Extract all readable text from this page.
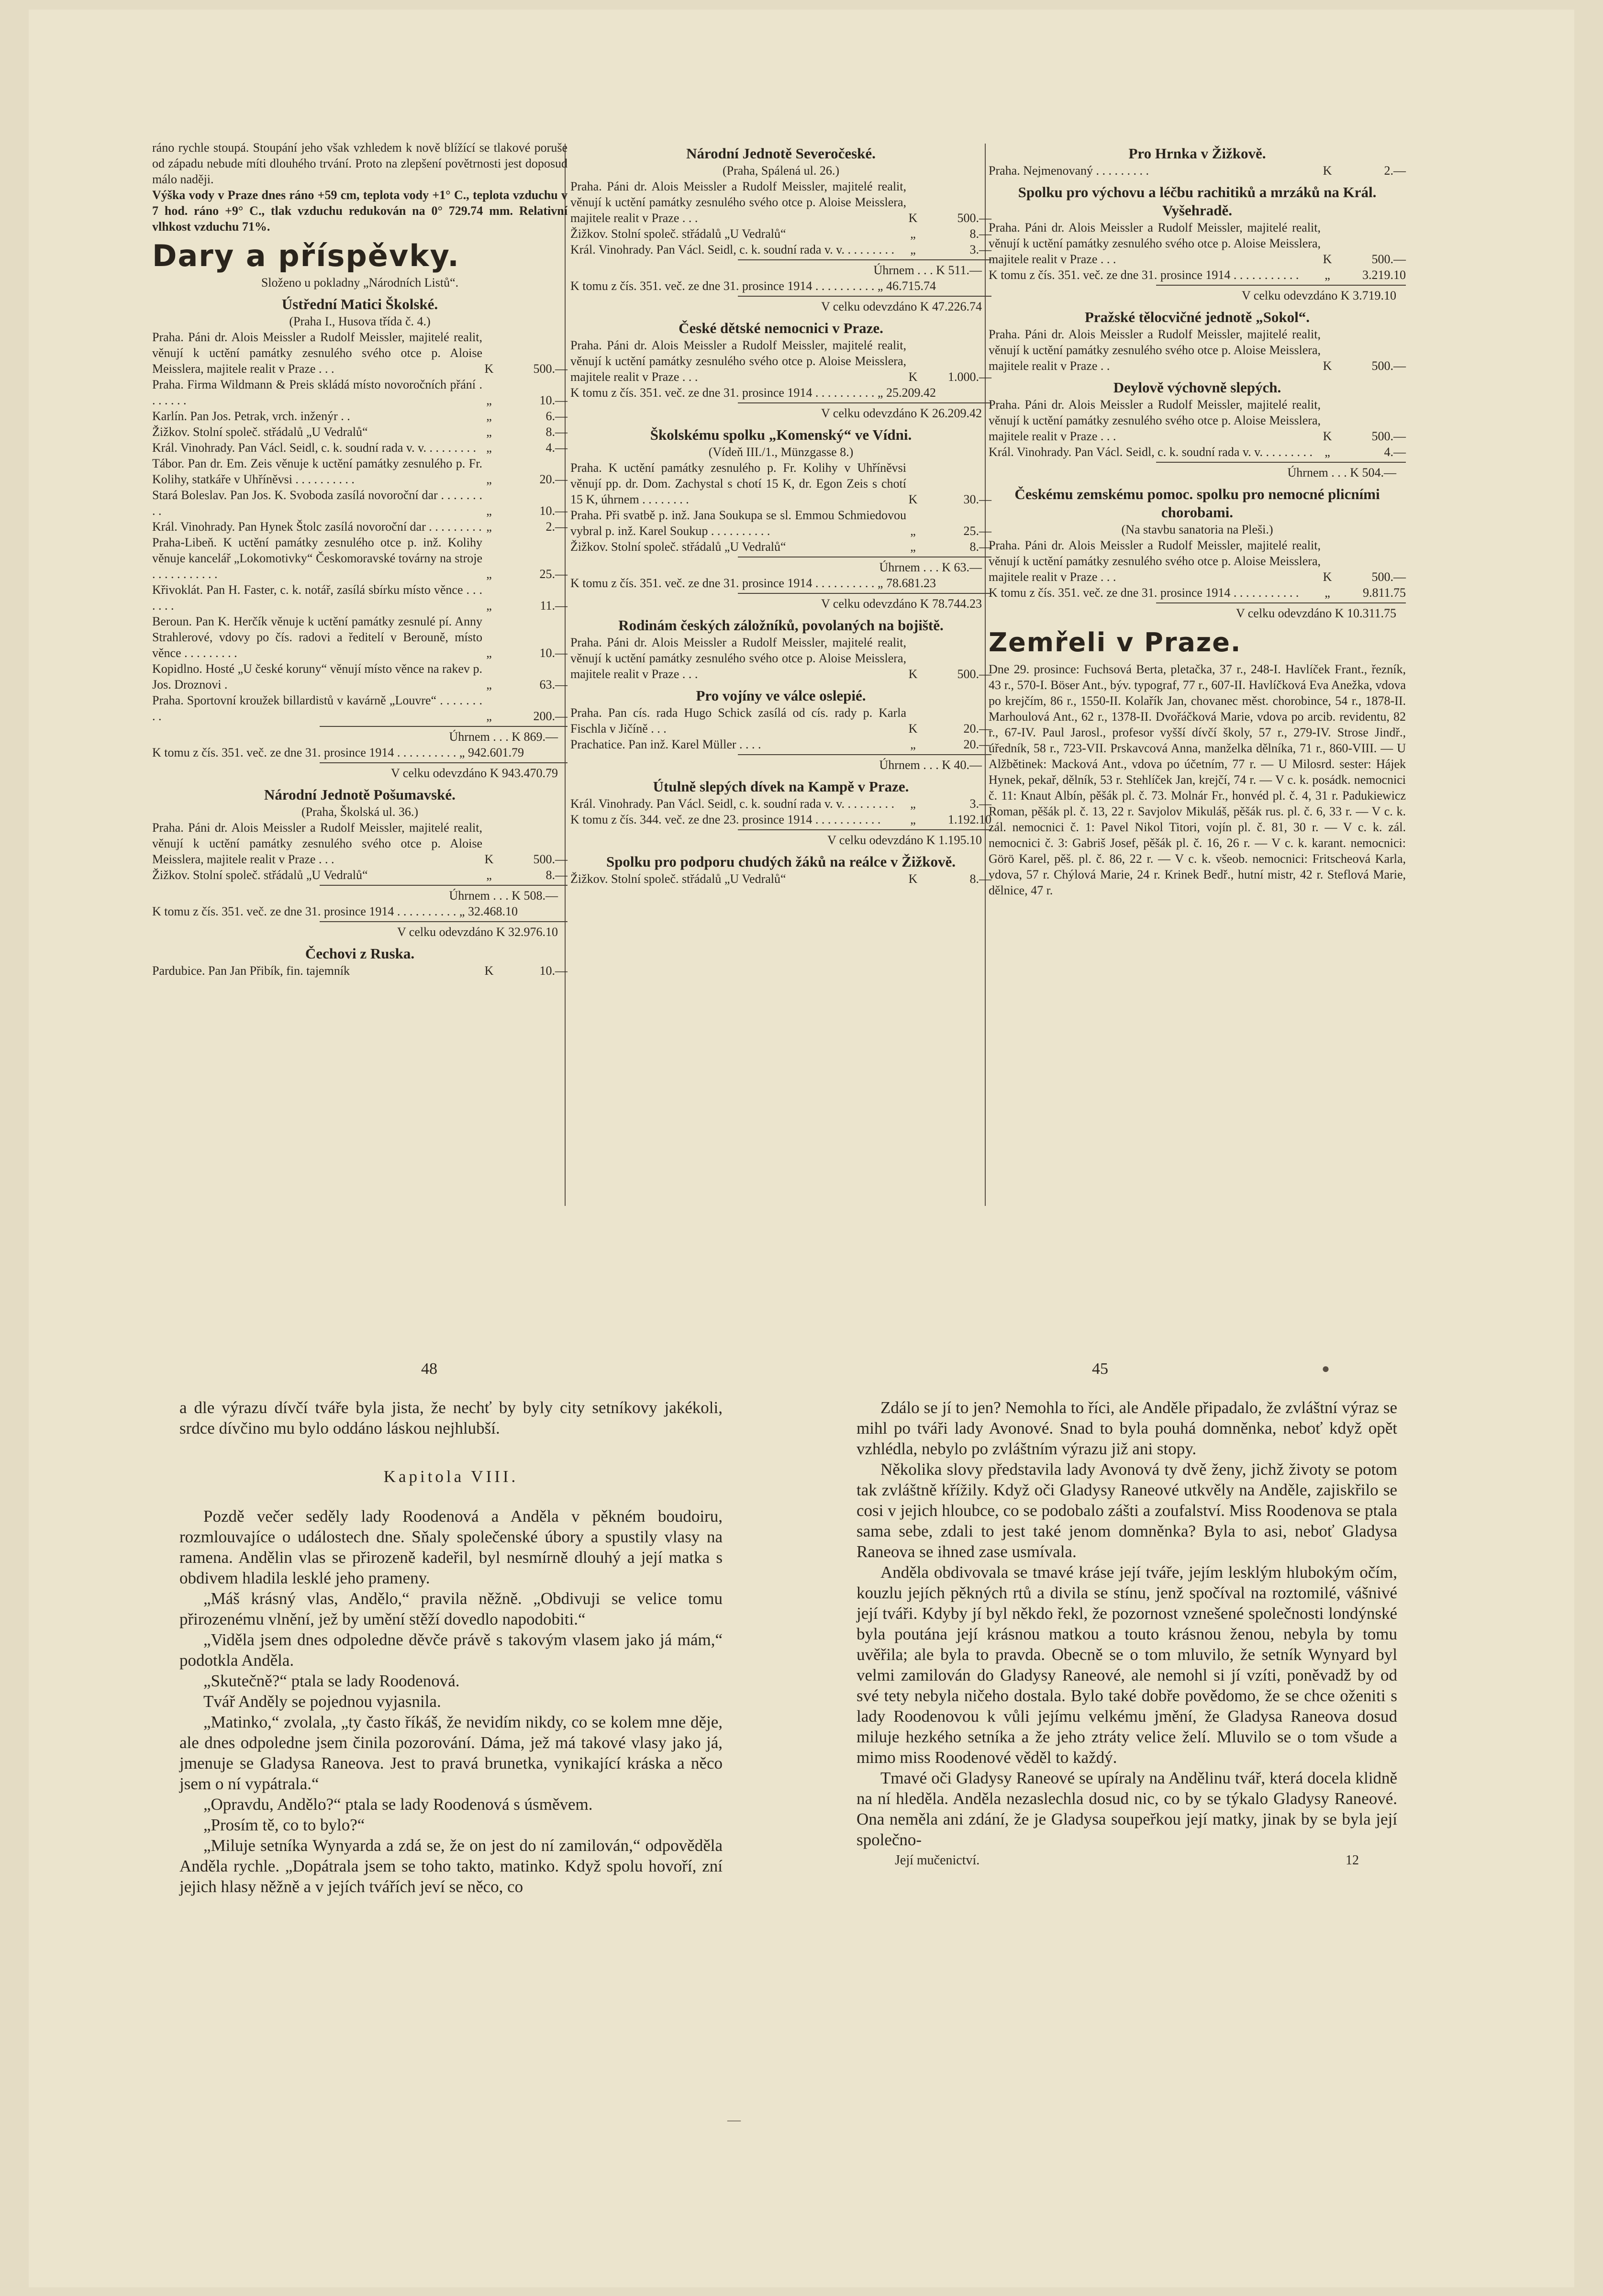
ráno rychle stoupá. Stoupání jeho však vzhledem k nově blížící se tlakové poruše od západu nebude míti dlouhého trvání. Proto na zlepšení povětrnosti jest doposud málo naději.

Výška vody v Praze dnes ráno +59 cm, teplota vody +1° C., teplota vzduchu v 7 hod. ráno +9° C., tlak vzduchu redukován na 0° 729.74 mm. Relativní vlhkost vzduchu 71%.

Dary a příspěvky.

Složeno u pokladny „Národních Listů“.

Ústřední Matici Školské.
(Praha I., Husova třída č. 4.)
Praha. Páni dr. Alois Meissler a Rudolf Meissler, majitelé realit, věnují k uctění památky zesnulého svého otce p. Aloise Meisslera, majitele realit v Praze . . .	K	500.—
Praha. Firma Wildmann & Preis skládá místo novoročních přání . . . . . . .	„	10.—
Karlín. Pan Jos. Petrak, vrch. inženýr . .	„	6.—
Žižkov. Stolní společ. střádalů „U Vedralů“	„	8.—
Král. Vinohrady. Pan Václ. Seidl, c. k. soudní rada v. v. . . . . . . . . „	4.—
Tábor. Pan dr. Em. Zeis věnuje k uctění památky zesnulého p. Fr. Kolihy, statkáře v Uhříněvsi . . . . . . . . . .	„	20.—
Stará Boleslav. Pan Jos. K. Svoboda zasílá novoroční dar . . . . . . . . .	„	10.—
Král. Vinohrady. Pan Hynek Štolc zasílá novoroční dar . . . . . . . . . „	2.—
Praha-Libeň. K uctění památky zesnulého otce p. inž. Kolihy věnuje kancelář „Lokomotivky“ Českomoravské továrny na stroje . . . . . . . . . . .	„	25.—
Křivoklát. Pan H. Faster, c. k. notář, zasílá sbírku místo věnce . . . . . . .	„	11.—
Beroun. Pan K. Herčík věnuje k uctění památky zesnulé pí. Anny Strahlerové, vdovy po čís. radovi a ředitelí v Berouně, místo věnce . . . . . . . . .	„	10.—
Kopidlno. Hosté „U české koruny“ věnují místo věnce na rakev p. Jos. Droznovi .	„	63.—
Praha. Sportovní kroužek billardistů v kavárně „Louvre“ . . . . . . . . .	„	200.—
Úhrnem . . . K 869.—
K tomu z čís. 351. več. ze dne 31. prosince 1914 . . . . . . . . . . „ 942.601.79
V celku odevzdáno K 943.470.79
Národní Jednotě Pošumavské.
(Praha, Školská ul. 36.)
Praha. Páni dr. Alois Meissler a Rudolf Meissler, majitelé realit, věnují k uctění památky zesnulého svého otce p. Aloise Meisslera, majitele realit v Praze . . .	K	500.—
Žižkov. Stolní společ. střádalů „U Vedralů“	„	8.—
Úhrnem . . . K 508.—
K tomu z čís. 351. več. ze dne 31. prosince 1914 . . . . . . . . . . „ 32.468.10
V celku odevzdáno K 32.976.10
Čechovi z Ruska.
Pardubice. Pan Jan Přibík, fin. tajemník	K	10.—
Národní Jednotě Severočeské.
(Praha, Spálená ul. 26.)
Praha. Páni dr. Alois Meissler a Rudolf Meissler, majitelé realit, věnují k uctění památky zesnulého svého otce p. Aloise Meisslera, majitele realit v Praze . . .	K	500.—
Žižkov. Stolní společ. střádalů „U Vedralů“	„	8.—
Král. Vinohrady. Pan Václ. Seidl, c. k. soudní rada v. v. . . . . . . . .	„	3.—
Úhrnem . . . K 511.—
K tomu z čís. 351. več. ze dne 31. prosince 1914 . . . . . . . . . . „ 46.715.74
V celku odevzdáno K 47.226.74
České dětské nemocnici v Praze.
Praha. Páni dr. Alois Meissler a Rudolf Meissler, majitelé realit, věnují k uctění památky zesnulého svého otce p. Aloise Meisslera, majitele realit v Praze . . .	K	1.000.—
K tomu z čís. 351. več. ze dne 31. prosince 1914 . . . . . . . . . . „ 25.209.42
V celku odevzdáno K 26.209.42
Školskému spolku „Komenský“ ve Vídni.
(Vídeň III./1., Münzgasse 8.)
Praha. K uctění památky zesnulého p. Fr. Kolihy v Uhříněvsi věnují pp. dr. Dom. Zachystal s chotí 15 K, dr. Egon Zeis s chotí 15 K, úhrnem . . . . . . . .	K	30.—
Praha. Při svatbě p. inž. Jana Soukupa se sl. Emmou Schmiedovou vybral p. inž. Karel Soukup . . . . . . . . . .	„	25.—
Žižkov. Stolní společ. střádalů „U Vedralů“	„	8.—
Úhrnem . . . K 63.—
K tomu z čís. 351. več. ze dne 31. prosince 1914 . . . . . . . . . . „ 78.681.23
V celku odevzdáno K 78.744.23
Rodinám českých záložníků, povolaných na bojiště.
Praha. Páni dr. Alois Meissler a Rudolf Meissler, majitelé realit, věnují k uctění památky zesnulého svého otce p. Aloise Meisslera, majitele realit v Praze . . .	K	500.—
Pro vojíny ve válce oslepié.
Praha. Pan cís. rada Hugo Schick zasílá od cís. rady p. Karla Fischla v Jičíně . . .	K	20.—
Prachatice. Pan inž. Karel Müller . . . .	„	20.—
Úhrnem . . . K 40.—
Útulně slepých dívek na Kampě v Praze.
Král. Vinohrady. Pan Václ. Seidl, c. k. soudní rada v. v. . . . . . . . .	„	3.—
K tomu z čís. 344. več. ze dne 23. prosince 1914 . . . . . . . . . . .	„	1.192.10
V celku odevzdáno K 1.195.10
Spolku pro podporu chudých žáků na reálce v Žižkově.
Žižkov. Stolní společ. střádalů „U Vedralů“	K	8.—
Pro Hrnka v Žižkově.
Praha. Nejmenovaný . . . . . . . . .	K	2.—
Spolku pro výchovu a léčbu rachitiků a mrzáků na Král. Vyšehradě.
Praha. Páni dr. Alois Meissler a Rudolf Meissler, majitelé realit, věnují k uctění památky zesnulého svého otce p. Aloise Meisslera, majitele realit v Praze . . .	K	500.—
K tomu z čís. 351. več. ze dne 31. prosince 1914 . . . . . . . . . . .	„	3.219.10
V celku odevzdáno K 3.719.10
Pražské tělocvičné jednotě „Sokol“.
Praha. Páni dr. Alois Meissler a Rudolf Meissler, majitelé realit, věnují k uctění památky zesnulého svého otce p. Aloise Meisslera, majitele realit v Praze . .	K	500.—
Deylově výchovně slepých.
Praha. Páni dr. Alois Meissler a Rudolf Meissler, majitelé realit, věnují k uctění památky zesnulého svého otce p. Aloise Meisslera, majitele realit v Praze . . .	K	500.—
Král. Vinohrady. Pan Václ. Seidl, c. k. soudní rada v. v. . . . . . . . . „	4.—
Úhrnem . . . K 504.—
Českému zemskému pomoc. spolku pro nemocné plicními chorobami.
(Na stavbu sanatoria na Pleši.)
Praha. Páni dr. Alois Meissler a Rudolf Meissler, majitelé realit, věnují k uctění památky zesnulého svého otce p. Aloise Meisslera, majitele realit v Praze . . .	K	500.—
K tomu z čís. 351. več. ze dne 31. prosince 1914 . . . . . . . . . . .	„	9.811.75
V celku odevzdáno K 10.311.75
Zemřeli v Praze.

Dne 29. prosince: Fuchsová Berta, pletačka, 37 r., 248-I. Havlíček Frant., řezník, 43 r., 570-I. Böser Ant., býv. typograf, 77 r., 607-II. Havlíčková Eva Anežka, vdova po krejčím, 86 r., 1550-II. Kolařík Jan, chovanec měst. chorobince, 54 r., 1878-II. Marhoulová Ant., 62 r., 1378-II. Dvořáčková Marie, vdova po arcib. revidentu, 82 r., 67-IV. Paul Jarosl., profesor vyšší dívčí školy, 57 r., 279-IV. Strose Jindř., úředník, 58 r., 723-VII. Prskavcová Anna, manželka dělníka, 71 r., 860-VIII. — U Alžbětinek: Macková Ant., vdova po účetním, 77 r. — U Milosrd. sester: Hájek Hynek, pekař, dělník, 53 r. Stehlíček Jan, krejčí, 74 r. — V c. k. posádk. nemocnici č. 11: Knaut Albín, pěšák pl. č. 73. Molnár Fr., honvéd pl. č. 4, 31 r. Padukiewicz Roman, pěšák pl. č. 13, 22 r. Savjolov Mikuláš, pěšák rus. pl. č. 6, 33 r. — V c. k. zál. nemocnici č. 1: Pavel Nikol Titori, vojín pl. č. 81, 30 r. — V c. k. zál. nemocnici č. 3: Gabriš Josef, pěšák pl. č. 16, 26 r. — V c. k. karant. nemocnici: Görö Karel, pěš. pl. č. 86, 22 r. — V c. k. všeob. nemocnici: Fritscheová Karla, vdova, 57 r. Chýlová Marie, 24 r. Krinek Bedř., hutní mistr, 42 r. Steflová Marie, dělnice, 47 r.

48	45	●
—

a dle výrazu dívčí tváře byla jista, že nechť by byly city setníkovy jakékoli, srdce dívčino mu bylo oddáno láskou nejhlubší.

Kapitola VIII.

Pozdě večer seděly lady Roodenová a Anděla v pěkném boudoiru, rozmlouvajíce o událostech dne. Sňaly společenské úbory a spustily vlasy na ramena. Andělin vlas se přirozeně kadeřil, byl nesmírně dlouhý a její matka s obdivem hladila lesklé jeho prameny.

„Máš krásný vlas, Andělo,“ pravila něžně. „Obdivuji se velice tomu přirozenému vlnění, jež by umění stěží dovedlo napodobiti.“

„Viděla jsem dnes odpoledne děvče právě s takovým vlasem jako já mám,“ podotkla Anděla.

„Skutečně?“ ptala se lady Roodenová.

Tvář Anděly se pojednou vyjasnila.

„Matinko,“ zvolala, „ty často říkáš, že nevidím nikdy, co se kolem mne děje, ale dnes odpoledne jsem činila pozorování. Dáma, jež má takové vlasy jako já, jmenuje se Gladysa Raneova. Jest to pravá brunetka, vynikající kráska a něco jsem o ní vypátrala.“

„Opravdu, Andělo?“ ptala se lady Roodenová s úsměvem.

„Prosím tě, co to bylo?“

„Miluje setníka Wynyarda a zdá se, že on jest do ní zamilován,“ odpověděla Anděla rychle. „Dopátrala jsem se toho takto, matinko. Když spolu hovoří, zní jejich hlasy něžně a v jejích tvářích jeví se něco, co

Zdálo se jí to jen? Nemohla to říci, ale Anděle připadalo, že zvláštní výraz se mihl po tváři lady Avonové. Snad to byla pouhá domněnka, neboť když opět vzhlédla, nebylo po zvláštním výrazu již ani stopy.

Několika slovy představila lady Avonová ty dvě ženy, jichž životy se potom tak zvláštně křížily. Když oči Gladysy Raneové utkvěly na Anděle, zajiskřilo se cosi v jejich hloubce, co se podobalo zášti a zoufalství. Miss Roodenova se ptala sama sebe, zdali to jest také jenom domněnka? Byla to asi, neboť Gladysa Raneova se ihned zase usmívala.

Anděla obdivovala se tmavé kráse její tváře, jejím lesklým hlubokým očím, kouzlu jejích pěkných rtů a divila se stínu, jenž spočíval na roztomilé, vášnivé její tváři. Kdyby jí byl někdo řekl, že pozornost vznešené společnosti londýnské byla poutána její krásnou matkou a touto krásnou ženou, nebyla by tomu uvěřila; ale byla to pravda. Obecně se o tom mluvilo, že setník Wynyard byl velmi zamilován do Gladysy Raneové, ale nemohl si jí vzíti, poněvadž by od své tety nebyla ničeho dostala. Bylo také dobře povědomo, že se chce oženiti s lady Roodenovou k vůli jejímu velkému jmění, že Gladysa Raneova dosud miluje hezkého setníka a že jeho ztráty velice želí. Mluvilo se o tom všude a mimo miss Roodenové věděl to každý.

Tmavé oči Gladysy Raneové se upíraly na Andělinu tvář, která docela klidně na ní hleděla. Anděla nezaslechla dosud nic, co by se týkalo Gladysy Raneové. Ona neměla ani zdání, že je Gladysa soupeřkou její matky, jinak by se byla její společno-

Její mučenictví.	12
